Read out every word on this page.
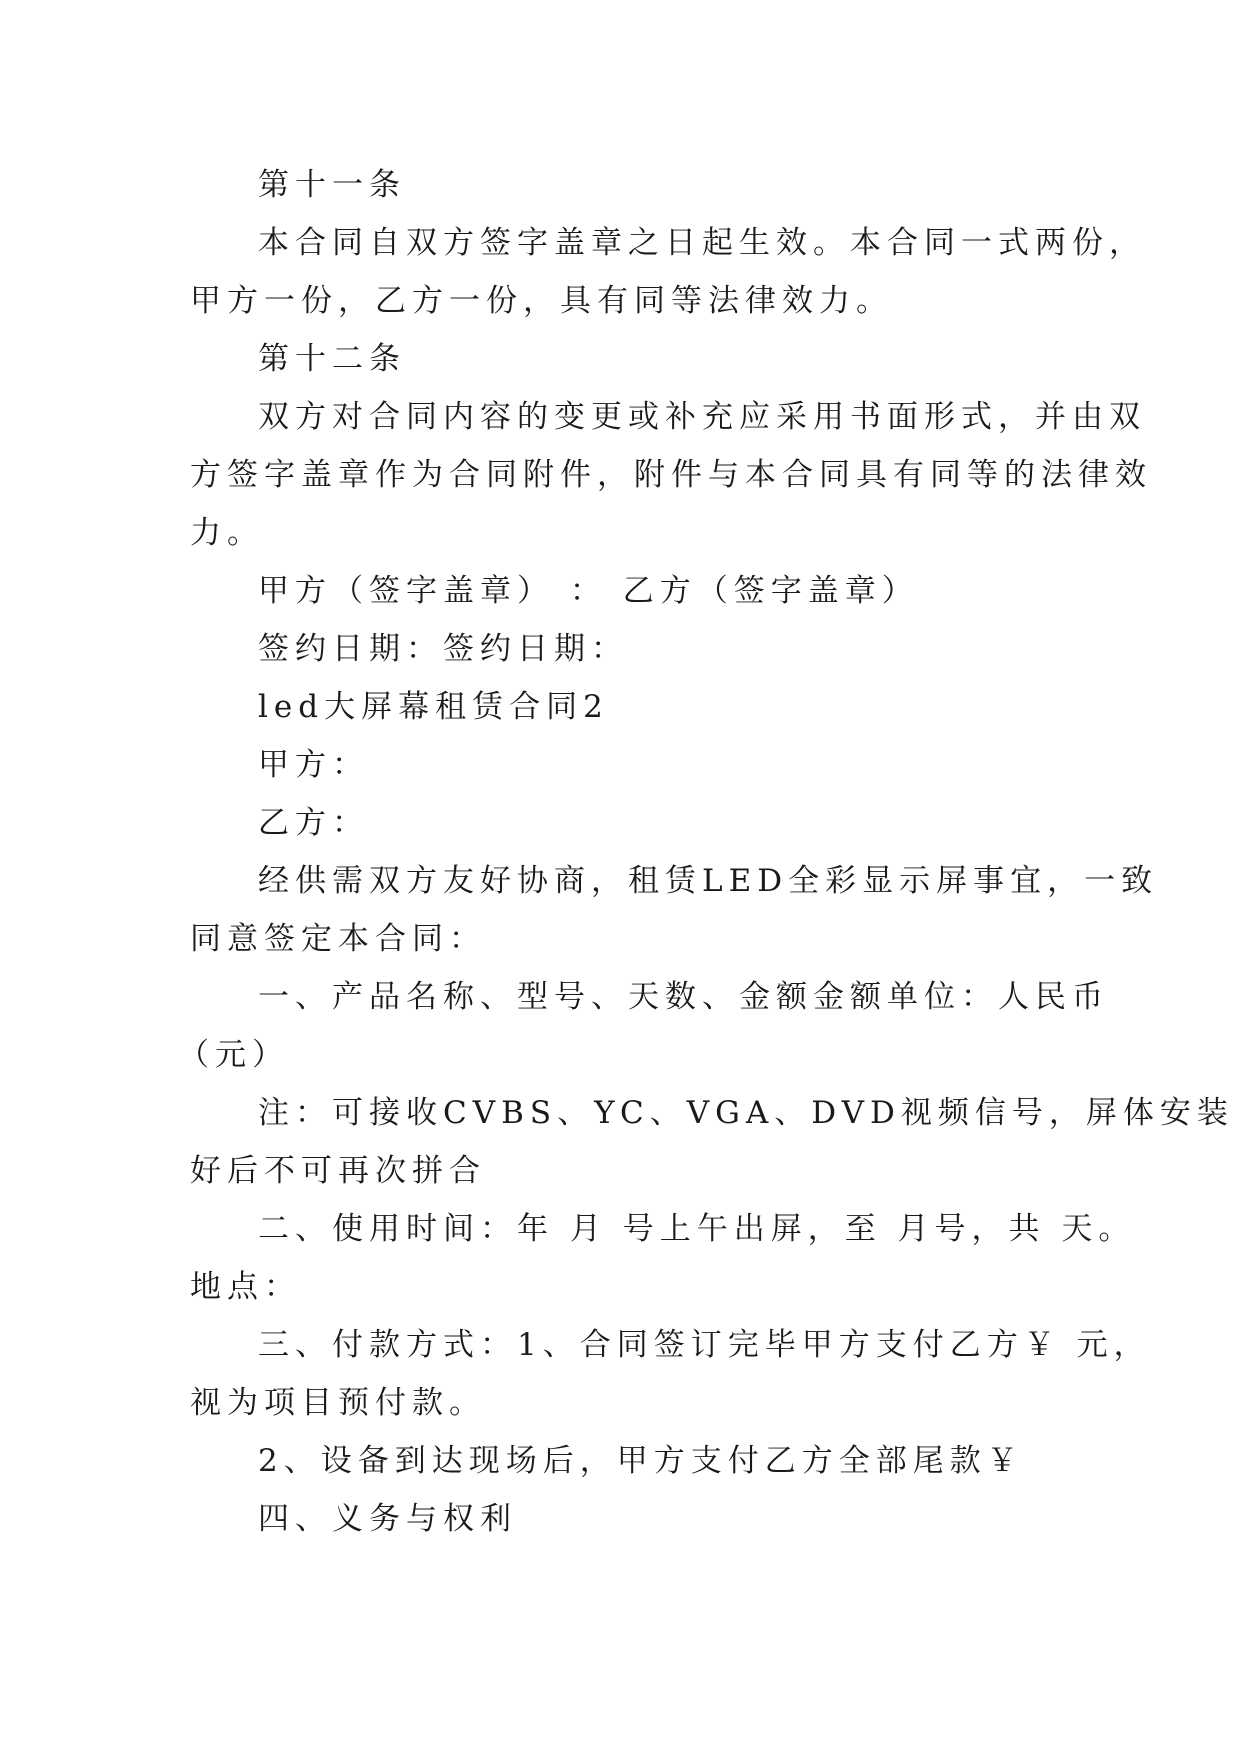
第十一条
本合同自双方签字盖章之日起生效。本合同一式两份，
甲方一份，乙方一份，具有同等法律效力。
第十二条
双方对合同内容的变更或补充应采用书面形式，并由双
方签字盖章作为合同附件，附件与本合同具有同等的法律效
力。
甲方（签字盖章） ： 乙方（签字盖章）
签约日期：签约日期：
led大屏幕租赁合同2
甲方：
乙方：
经供需双方友好协商，租赁LED全彩显示屏事宜，一致
同意签定本合同：
一、产品名称、型号、天数、金额金额单位：人民币
（元）
注：可接收CVBS、YC、VGA、DVD视频信号，屏体安装
好后不可再次拼合
二、使用时间：年 月 号上午出屏，至 月号，共 天。
地点：
三、付款方式：1、合同签订完毕甲方支付乙方￥ 元，
视为项目预付款。
2、设备到达现场后，甲方支付乙方全部尾款￥
四、义务与权利
